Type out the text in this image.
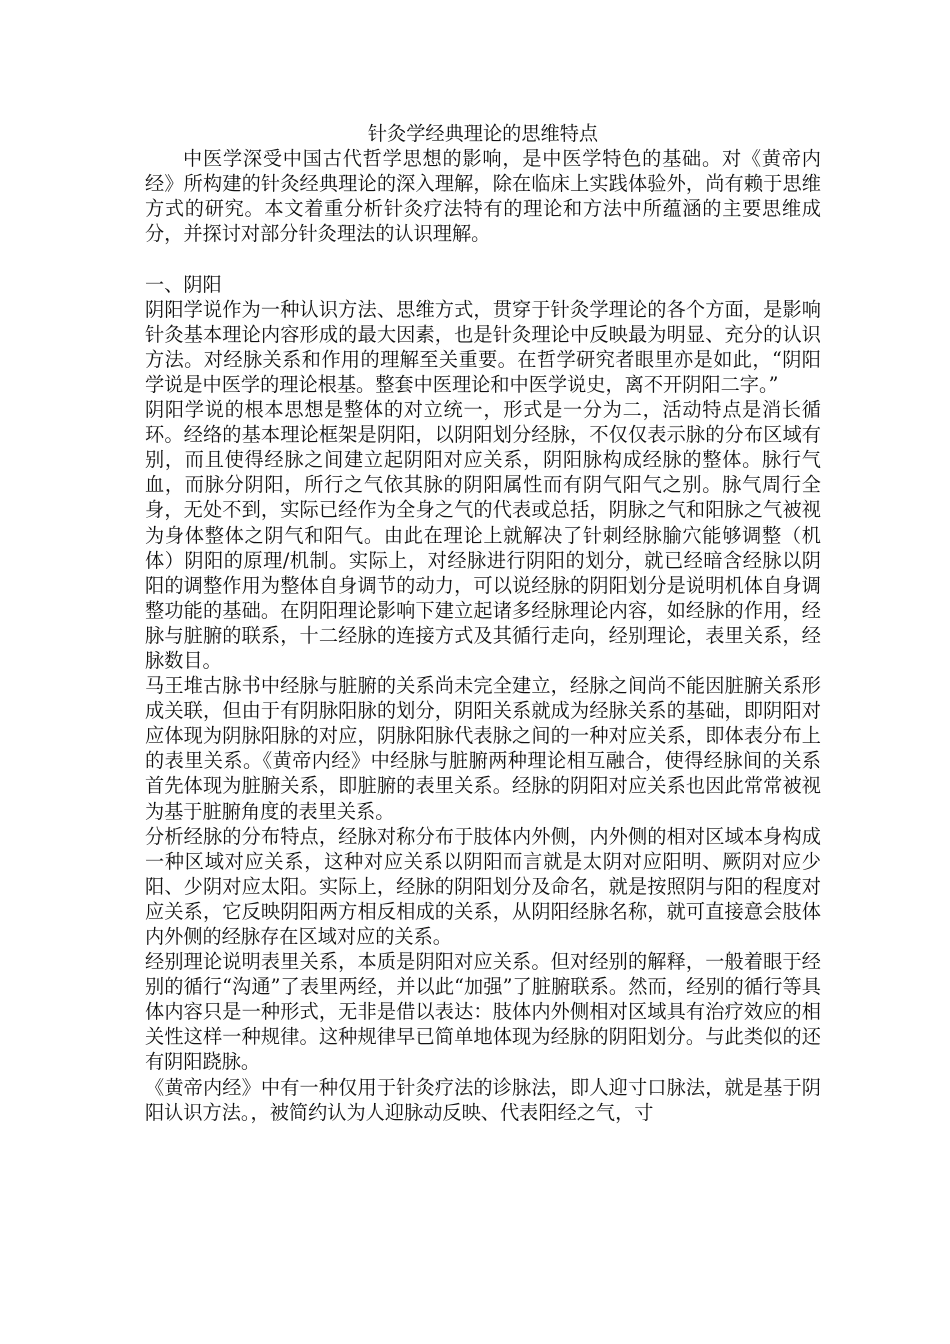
针灸学经典理论的思维特点

中医学深受中国古代哲学思想的影响，是中医学特色的基础。对《黄帝内经》所构建的针灸经典理论的深入理解，除在临床上实践体验外，尚有赖于思维方式的研究。本文着重分析针灸疗法特有的理论和方法中所蕴涵的主要思维成分，并探讨对部分针灸理法的认识理解。

一、阴阳

阴阳学说作为一种认识方法、思维方式，贯穿于针灸学理论的各个方面，是影响针灸基本理论内容形成的最大因素，也是针灸理论中反映最为明显、充分的认识方法。对经脉关系和作用的理解至关重要。在哲学研究者眼里亦是如此，“阴阳学说是中医学的理论根基。整套中医理论和中医学说史，离不开阴阳二字。”

阴阳学说的根本思想是整体的对立统一，形式是一分为二，活动特点是消长循环。经络的基本理论框架是阴阳，以阴阳划分经脉，不仅仅表示脉的分布区域有别，而且使得经脉之间建立起阴阳对应关系，阴阳脉构成经脉的整体。脉行气血，而脉分阴阳，所行之气依其脉的阴阳属性而有阴气阳气之别。脉气周行全身，无处不到，实际已经作为全身之气的代表或总括，阴脉之气和阳脉之气被视为身体整体之阴气和阳气。由此在理论上就解决了针刺经脉腧穴能够调整（机体）阴阳的原理/机制。实际上，对经脉进行阴阳的划分，就已经暗含经脉以阴阳的调整作用为整体自身调节的动力，可以说经脉的阴阳划分是说明机体自身调整功能的基础。在阴阳理论影响下建立起诸多经脉理论内容，如经脉的作用，经脉与脏腑的联系，十二经脉的连接方式及其循行走向，经别理论，表里关系，经脉数目。

马王堆古脉书中经脉与脏腑的关系尚未完全建立，经脉之间尚不能因脏腑关系形成关联，但由于有阴脉阳脉的划分，阴阳关系就成为经脉关系的基础，即阴阳对应体现为阴脉阳脉的对应，阴脉阳脉代表脉之间的一种对应关系，即体表分布上的表里关系。《黄帝内经》中经脉与脏腑两种理论相互融合，使得经脉间的关系首先体现为脏腑关系，即脏腑的表里关系。经脉的阴阳对应关系也因此常常被视为基于脏腑角度的表里关系。

分析经脉的分布特点，经脉对称分布于肢体内外侧，内外侧的相对区域本身构成一种区域对应关系，这种对应关系以阴阳而言就是太阴对应阳明、厥阴对应少阳、少阴对应太阳。实际上，经脉的阴阳划分及命名，就是按照阴与阳的程度对应关系，它反映阴阳两方相反相成的关系，从阴阳经脉名称，就可直接意会肢体内外侧的经脉存在区域对应的关系。

经别理论说明表里关系，本质是阴阳对应关系。但对经别的解释，一般着眼于经别的循行“沟通”了表里两经，并以此“加强”了脏腑联系。然而，经别的循行等具体内容只是一种形式，无非是借以表达：肢体内外侧相对区域具有治疗效应的相关性这样一种规律。这种规律早已简单地体现为经脉的阴阳划分。与此类似的还有阴阳跷脉。

《黄帝内经》中有一种仅用于针灸疗法的诊脉法，即人迎寸口脉法，就是基于阴阳认识方法。，被简约认为人迎脉动反映、代表阳经之气，寸
